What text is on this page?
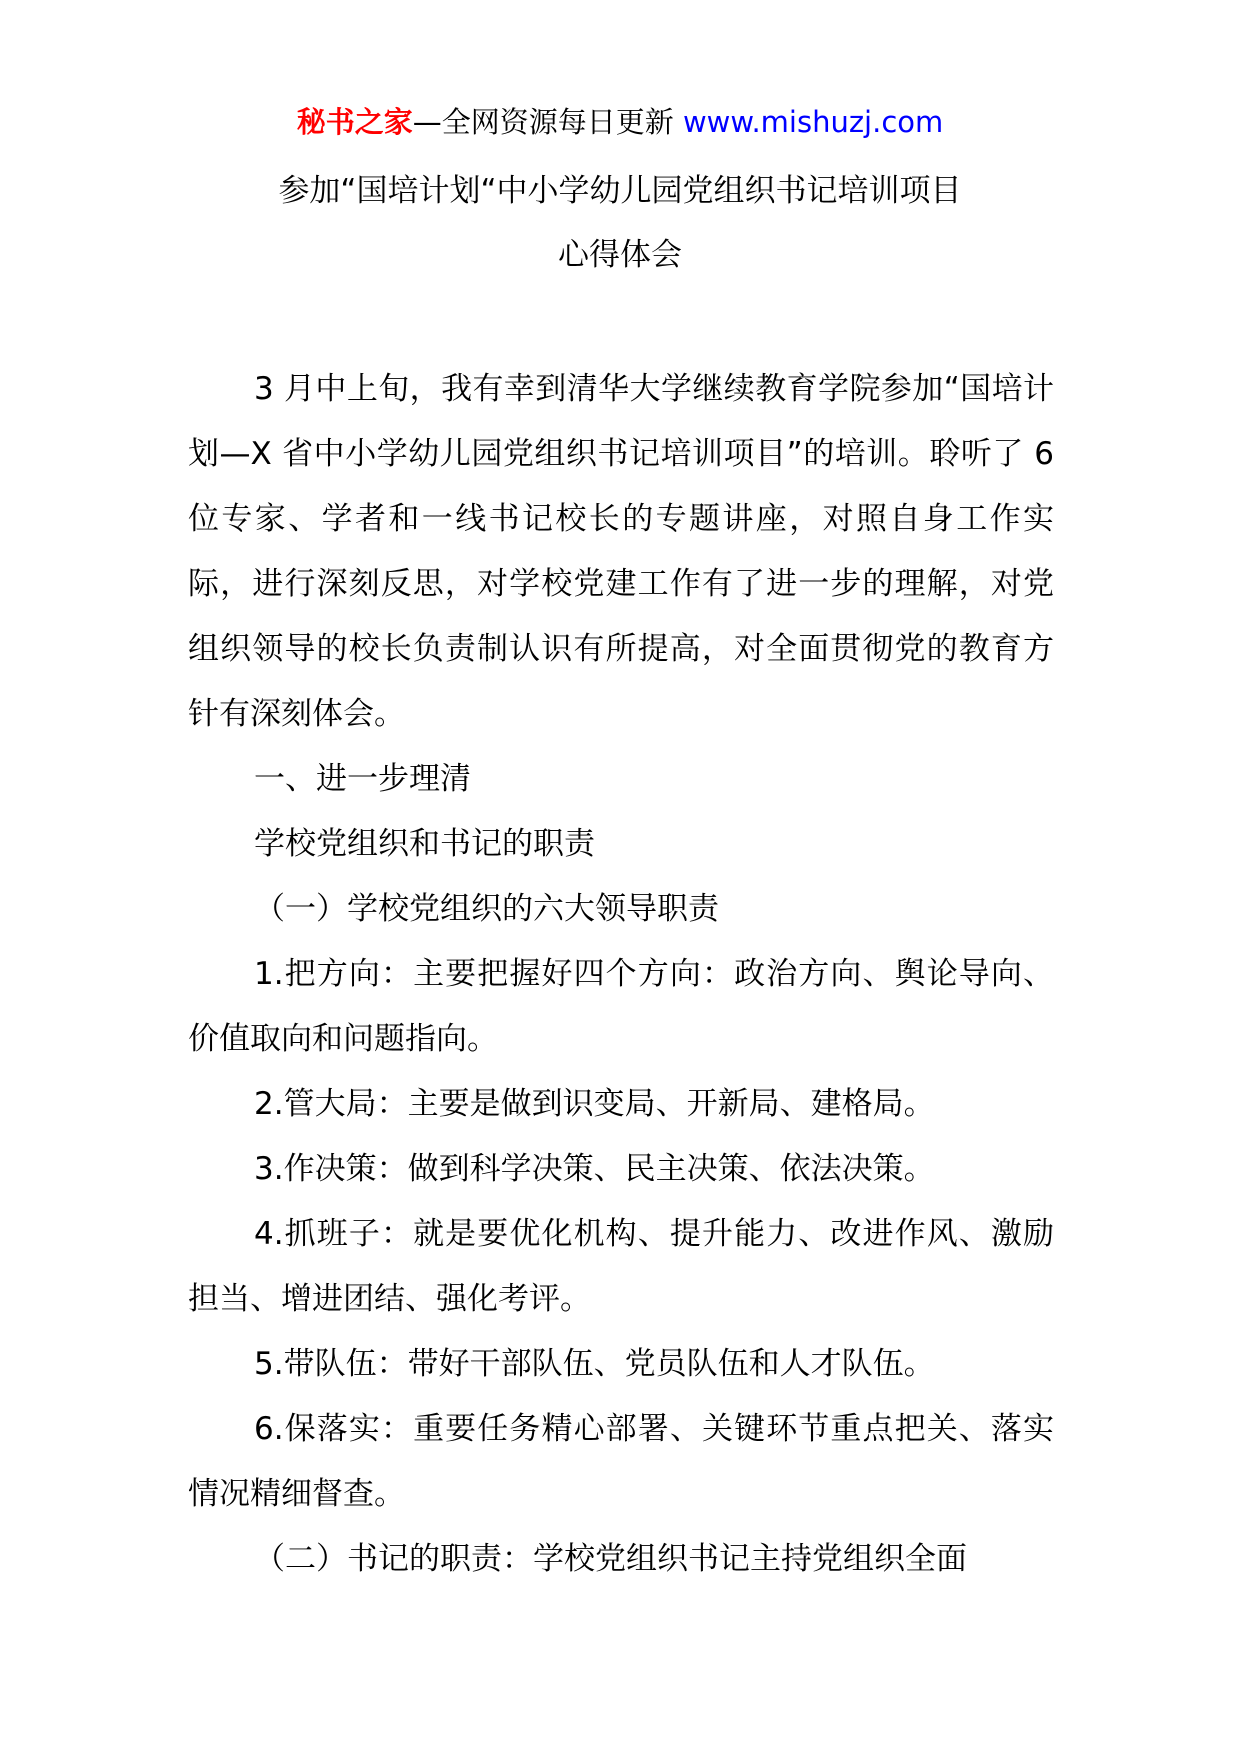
秘书之家—全网资源每日更新 www.mishuzj.com
参加“国培计划“中小学幼儿园党组织书记培训项目
心得体会

3 月中上旬，我有幸到清华大学继续教育学院参加“国培计划—X 省中小学幼儿园党组织书记培训项目”的培训。聆听了 6 位专家、学者和一线书记校长的专题讲座，对照自身工作实际，进行深刻反思，对学校党建工作有了进一步的理解，对党组织领导的校长负责制认识有所提高，对全面贯彻党的教育方针有深刻体会。

一、进一步理清

学校党组织和书记的职责

（一）学校党组织的六大领导职责

1.把方向：主要把握好四个方向：政治方向、舆论导向、价值取向和问题指向。

2.管大局：主要是做到识变局、开新局、建格局。

3.作决策：做到科学决策、民主决策、依法决策。

4.抓班子：就是要优化机构、提升能力、改进作风、激励担当、增进团结、强化考评。

5.带队伍：带好干部队伍、党员队伍和人才队伍。

6.保落实：重要任务精心部署、关键环节重点把关、落实情况精细督查。

（二）书记的职责：学校党组织书记主持党组织全面
